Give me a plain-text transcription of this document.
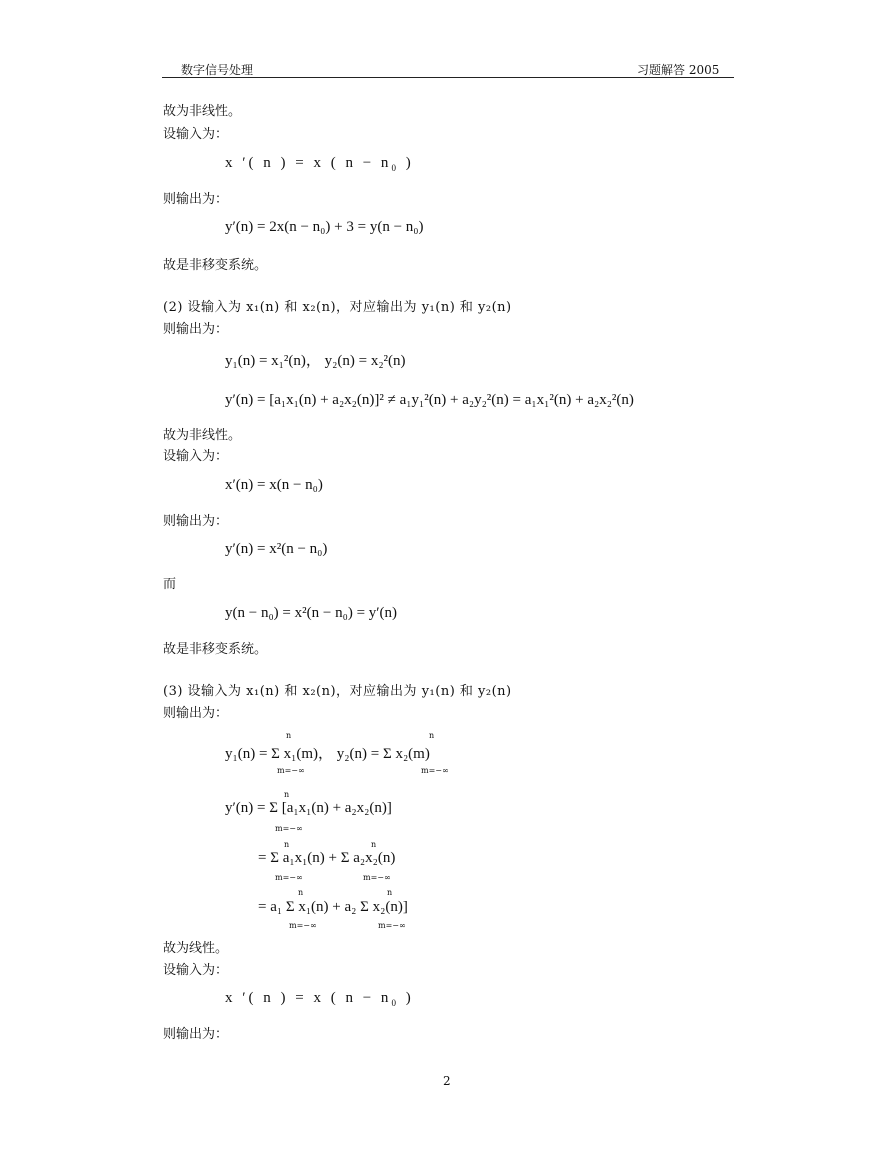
数字信号处理	习题解答 2005
故为非线性。
设输入为：
x ′( n ) = x ( $n - n_0$ )
则输出为：
y′(n) = 2x(n − n₀) + 3 = y(n − n₀)
故是非移变系统。
(2) 设输入为 x₁(n) 和 x₂(n)，对应输出为 y₁(n) 和 y₂(n)
则输出为：
y₁(n) = x₁²(n)， y₂(n) = x₂²(n)
y′(n) = [a₁x₁(n) + a₂x₂(n)]² ≠ a₁y₁²(n) + a₂y₂²(n) = a₁x₁²(n) + a₂x₂²(n)
故为非线性。
设输入为：
x′(n) = x(n − n₀)
则输出为：
y′(n) = x²(n − n₀)
而
y(n − n₀) = x²(n − n₀) = y′(n)
故是非移变系统。
(3) 设输入为 x₁(n) 和 x₂(n)，对应输出为 y₁(n) 和 y₂(n)
则输出为：
y₁(n) = Σ x₁(m)， y₂(n) = Σ x₂(m)
y′(n) = Σ [a₁x₁(n) + a₂x₂(n)]
= Σ a₁x₁(n) + Σ a₂x₂(n)
= a₁ Σ x₁(n) + a₂ Σ x₂(n)]
n
m=−∞
n
m=−∞
n
m=−∞
n
m=−∞
n
m=−∞
n
m=−∞
n
m=−∞
故为线性。
设输入为：
x ′( n ) = x ( $n - n_0$ )
则输出为：
2
